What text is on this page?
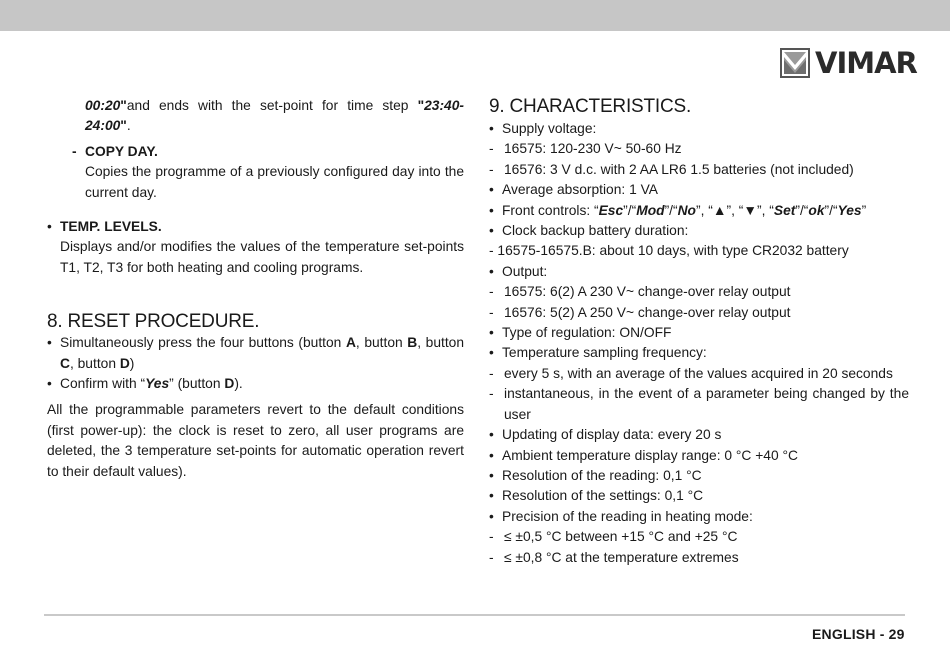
VIMAR

00:20"and ends with the set-point for time step "23:40-24:00".

- COPY DAY.

Copies the programme of a previously configured day into the current day.

• TEMP. LEVELS.

Displays and/or modifies the values of the temperature set-points T1, T2, T3 for both heating and cooling programs.

8. RESET PROCEDURE.
• Simultaneously press the four buttons (button A, button B, button C, button D)
• Confirm with “Yes” (button D).

All the programmable parameters revert to the default conditions (first power-up): the clock is reset to zero, all user programs are deleted, the 3 temperature set-points for automatic operation revert to their default values).

9. CHARACTERISTICS.
• Supply voltage:
- 16575: 120-230 V~ 50-60 Hz
- 16576: 3 V d.c. with 2 AA LR6 1.5 batteries (not included)
• Average absorption: 1 VA
• Front controls: “Esc”/“Mod”/“No”, “▲”, “▼”, “Set”/“ok”/“Yes”
• Clock backup battery duration:
- 16575-16575.B: about 10 days, with type CR2032 battery
• Output:
- 16575: 6(2) A 230 V~ change-over relay output
- 16576: 5(2) A 250 V~ change-over relay output
• Type of regulation: ON/OFF
• Temperature sampling frequency:
- every 5 s, with an average of the values acquired in 20 seconds
- instantaneous, in the event of a parameter being changed by the user
• Updating of display data: every 20 s
• Ambient temperature display range: 0 °C +40 °C
• Resolution of the reading: 0,1 °C
• Resolution of the settings: 0,1 °C
• Precision of the reading in heating mode:
- ≤ ±0,5 °C between +15 °C and +25 °C
- ≤ ±0,8 °C at the temperature extremes
ENGLISH - 29
